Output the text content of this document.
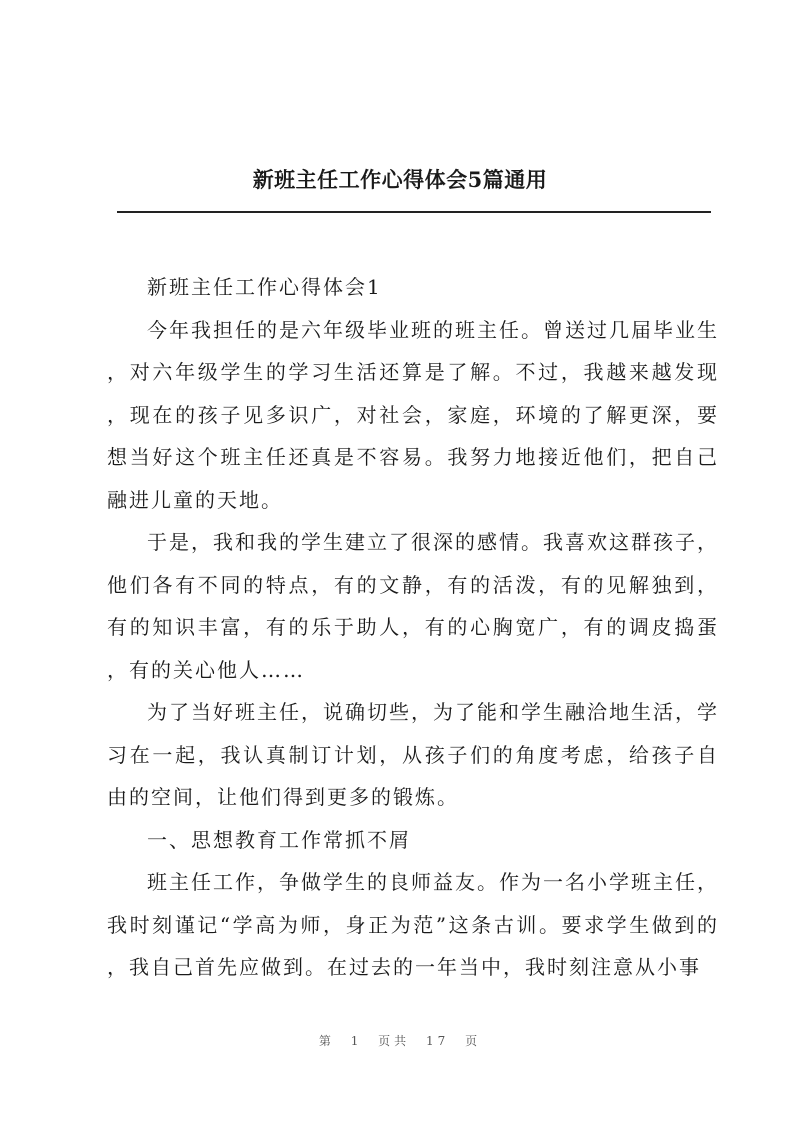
新班主任工作心得体会5篇通用

新班主任工作心得体会1

今年我担任的是六年级毕业班的班主任。曾送过几届毕业生，对六年级学生的学习生活还算是了解。不过，我越来越发现，现在的孩子见多识广，对社会，家庭，环境的了解更深，要想当好这个班主任还真是不容易。我努力地接近他们，把自己融进儿童的天地。

于是，我和我的学生建立了很深的感情。我喜欢这群孩子，他们各有不同的特点，有的文静，有的活泼，有的见解独到，有的知识丰富，有的乐于助人，有的心胸宽广，有的调皮捣蛋，有的关心他人……

为了当好班主任，说确切些，为了能和学生融洽地生活，学习在一起，我认真制订计划，从孩子们的角度考虑，给孩子自由的空间，让他们得到更多的锻炼。

一、思想教育工作常抓不屑

班主任工作，争做学生的良师益友。作为一名小学班主任，我时刻谨记“学高为师，身正为范”这条古训。要求学生做到的，我自己首先应做到。在过去的一年当中，我时刻注意从小事

第 1 页共 17 页
